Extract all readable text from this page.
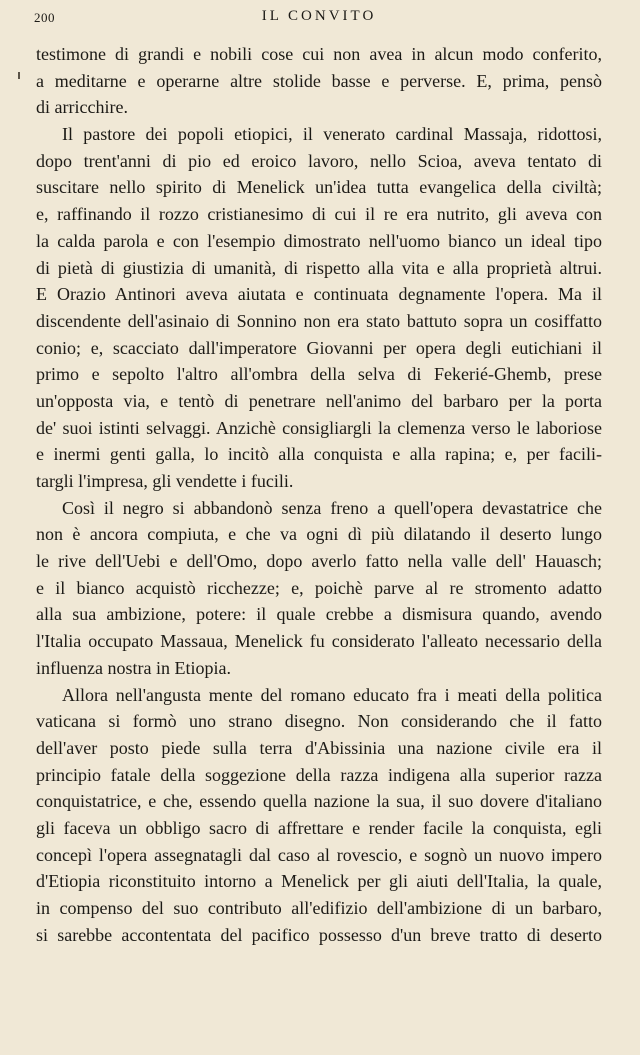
200	IL CONVITO
testimone di grandi e nobili cose cui non avea in alcun modo conferito,
a meditarne e operarne altre stolide basse e perverse. E, prima, pensò
di arricchire.
Il pastore dei popoli etiopici, il venerato cardinal Massaja, ridottosi,
dopo trent'anni di pio ed eroico lavoro, nello Scioa, aveva tentato di
suscitare nello spirito di Menelick un'idea tutta evangelica della civiltà;
e, raffinando il rozzo cristianesimo di cui il re era nutrito, gli aveva con
la calda parola e con l'esempio dimostrato nell'uomo bianco un ideal tipo
di pietà di giustizia di umanità, di rispetto alla vita e alla proprietà altrui.
E Orazio Antinori aveva aiutata e continuata degnamente l'opera. Ma il
discendente dell'asinaio di Sonnino non era stato battuto sopra un cosiffatto
conio; e, scacciato dall'imperatore Giovanni per opera degli eutichiani il
primo e sepolto l'altro all'ombra della selva di Fekerié-Ghemb, prese
un'opposta via, e tentò di penetrare nell'animo del barbaro per la porta
de' suoi istinti selvaggi. Anzichè consigliargli la clemenza verso le laboriose
e inermi genti galla, lo incitò alla conquista e alla rapina; e, per facili-
targli l'impresa, gli vendette i fucili.
Così il negro si abbandonò senza freno a quell'opera devastatrice che
non è ancora compiuta, e che va ogni dì più dilatando il deserto lungo
le rive dell'Uebi e dell'Omo, dopo averlo fatto nella valle dell' Hauasch;
e il bianco acquistò ricchezze; e, poichè parve al re stromento adatto
alla sua ambizione, potere: il quale crebbe a dismisura quando, avendo
l'Italia occupato Massaua, Menelick fu considerato l'alleato necessario della
influenza nostra in Etiopia.
Allora nell'angusta mente del romano educato fra i meati della politica
vaticana si formò uno strano disegno. Non considerando che il fatto
dell'aver posto piede sulla terra d'Abissinia una nazione civile era il
principio fatale della soggezione della razza indigena alla superior razza
conquistatrice, e che, essendo quella nazione la sua, il suo dovere d'italiano
gli faceva un obbligo sacro di affrettare e render facile la conquista, egli
concepì l'opera assegnatagli dal caso al rovescio, e sognò un nuovo impero
d'Etiopia riconstituito intorno a Menelick per gli aiuti dell'Italia, la quale,
in compenso del suo contributo all'edifizio dell'ambizione di un barbaro,
si sarebbe accontentata del pacifico possesso d'un breve tratto di deserto
